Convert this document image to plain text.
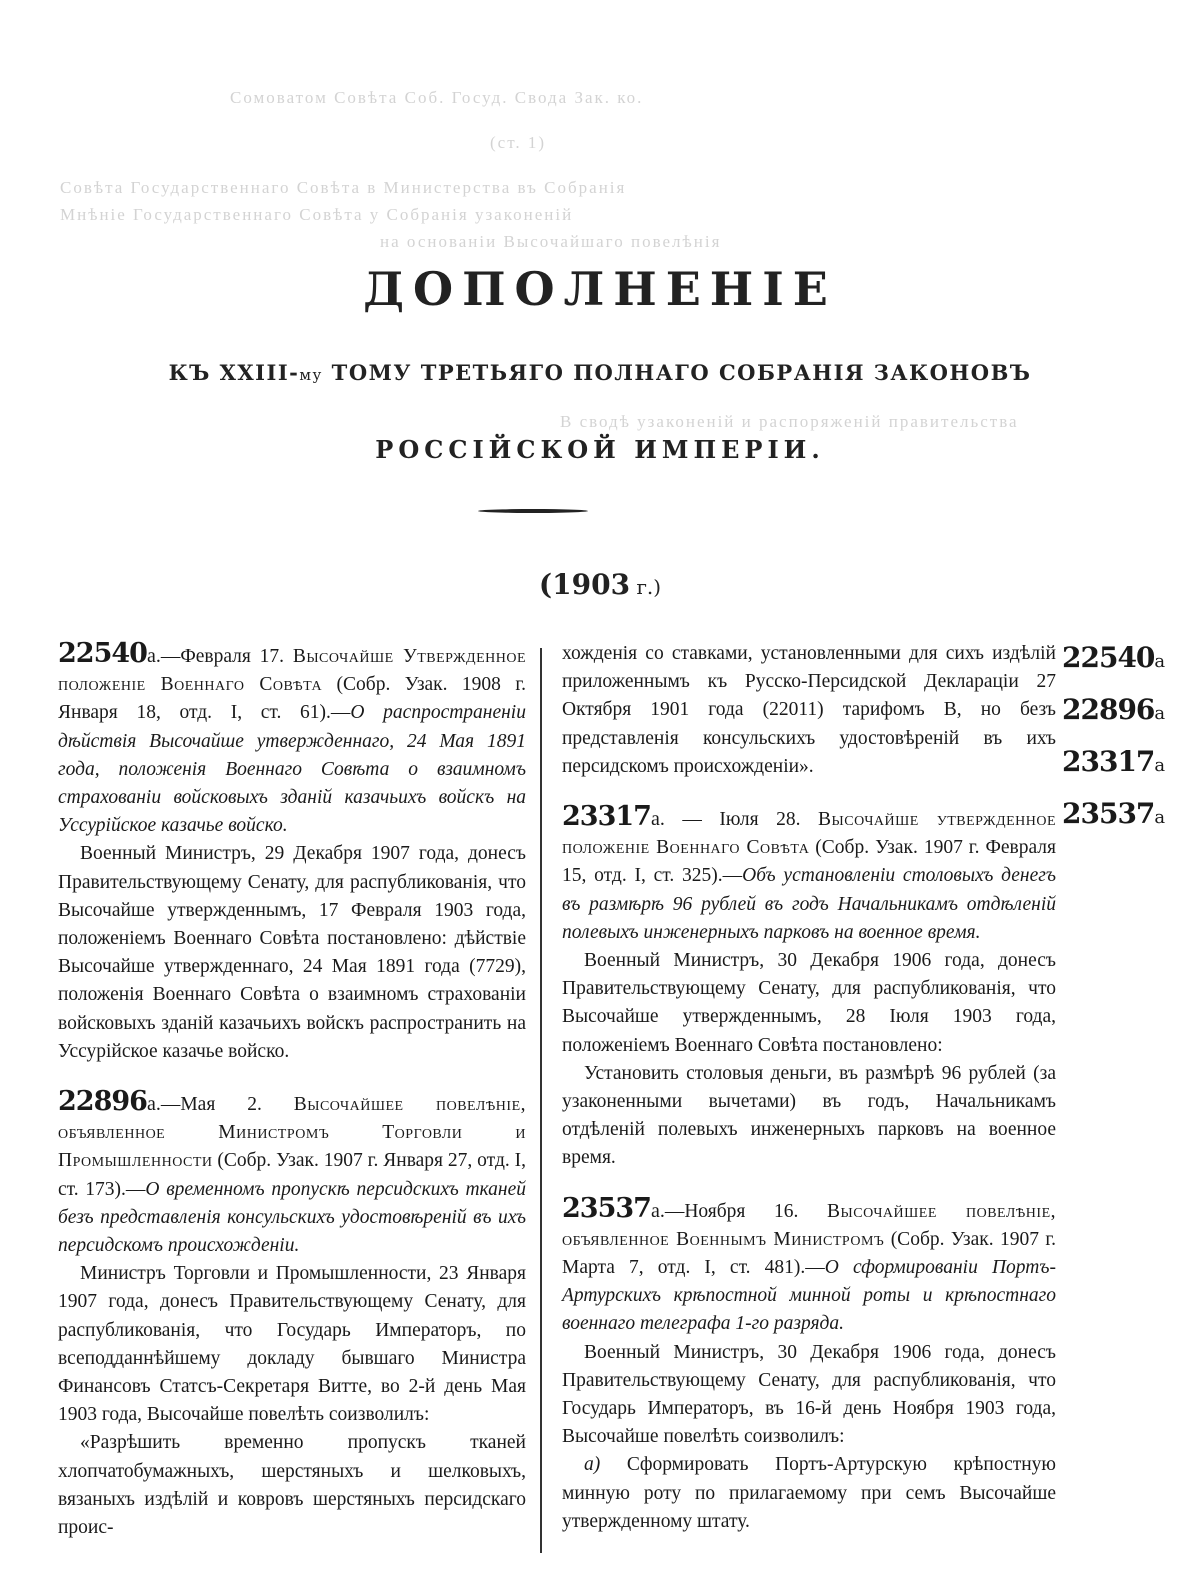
Сомоватом Совѣта Соб. Госуд. Свода Зак. ко.
(ст. 1)
Совѣта Государственнаго Совѣта в Министерства въ Собранія
Мнѣніе Государственнаго Совѣта у Собранія узаконеній
на основаніи Высочайшаго повелѣнія
В сводѣ узаконеній и распоряженій правительства
ДОПОЛНЕНІЕ
КЪ XXIII-му ТОМУ ТРЕТЬЯГО ПОЛНАГО СОБРАНІЯ ЗАКОНОВЪ
РОССІЙСКОЙ ИМПЕРІИ.
(1903 г.)

22540а.—Февраля 17. Высочайше Утвержденное положеніе Военнаго Совѣта (Собр. Узак. 1908 г. Января 18, отд. I, ст. 61).—О распространеніи дѣйствія Высочайше утвержденнаго, 24 Мая 1891 года, положенія Военнаго Совѣта о взаимномъ страхованіи войсковыхъ зданій казачьихъ войскъ на Уссурійское казачье войско.

Военный Министръ, 29 Декабря 1907 года, донесъ Правительствующему Сенату, для распубликованія, что Высочайше утвержденнымъ, 17 Февраля 1903 года, положеніемъ Военнаго Совѣта постановлено: дѣйствіе Высочайше утвержденнаго, 24 Мая 1891 года (7729), положенія Военнаго Совѣта о взаимномъ страхованіи войсковыхъ зданій казачьихъ войскъ распространить на Уссурійское казачье войско.

22896а.—Мая 2. Высочайшее повелѣніе, объявленное Министромъ Торговли и Промышленности (Собр. Узак. 1907 г. Января 27, отд. I, ст. 173).—О временномъ пропускѣ персидскихъ тканей безъ представленія консульскихъ удостовѣреній въ ихъ персидскомъ происхожденіи.

Министръ Торговли и Промышленности, 23 Января 1907 года, донесъ Правительствующему Сенату, для распубликованія, что Государь Императоръ, по всеподданнѣйшему докладу бывшаго Министра Финансовъ Статсъ-Секретаря Витте, во 2-й день Мая 1903 года, Высочайше повелѣть соизволилъ:

«Разрѣшить временно пропускъ тканей хлопчатобумажныхъ, шерстяныхъ и шелковыхъ, вязаныхъ издѣлій и ковровъ шерстяныхъ персидскаго проис-

хожденія со ставками, установленными для сихъ издѣлій приложеннымъ къ Русско-Персидской Деклараціи 27 Октября 1901 года (22011) тарифомъ В, но безъ представленія консульскихъ удостовѣреній въ ихъ персидскомъ происхожденіи».

23317а. — Іюля 28. Высочайше утвержденное положеніе Военнаго Совѣта (Собр. Узак. 1907 г. Февраля 15, отд. I, ст. 325).—Объ установленіи столовыхъ денегъ въ размѣрѣ 96 рублей въ годъ Начальникамъ отдѣленій полевыхъ инженерныхъ парковъ на военное время.

Военный Министръ, 30 Декабря 1906 года, донесъ Правительствующему Сенату, для распубликованія, что Высочайше утвержденнымъ, 28 Іюля 1903 года, положеніемъ Военнаго Совѣта постановлено:

Установить столовыя деньги, въ размѣрѣ 96 рублей (за узаконенными вычетами) въ годъ, Начальникамъ отдѣленій полевыхъ инженерныхъ парковъ на военное время.

23537а.—Ноября 16. Высочайшее повелѣніе, объявленное Военнымъ Министромъ (Собр. Узак. 1907 г. Марта 7, отд. I, ст. 481).—О сформированіи Портъ-Артурскихъ крѣпостной минной роты и крѣпостнаго военнаго телеграфа 1-го разряда.

Военный Министръ, 30 Декабря 1906 года, донесъ Правительствующему Сенату, для распубликованія, что Государь Императоръ, въ 16-й день Ноября 1903 года, Высочайше повелѣть соизволилъ:

а) Сформировать Портъ-Артурскую крѣпостную минную роту по прилагаемому при семъ Высочайше утвержденному штату.

22540а
22896а
23317а
23537а
